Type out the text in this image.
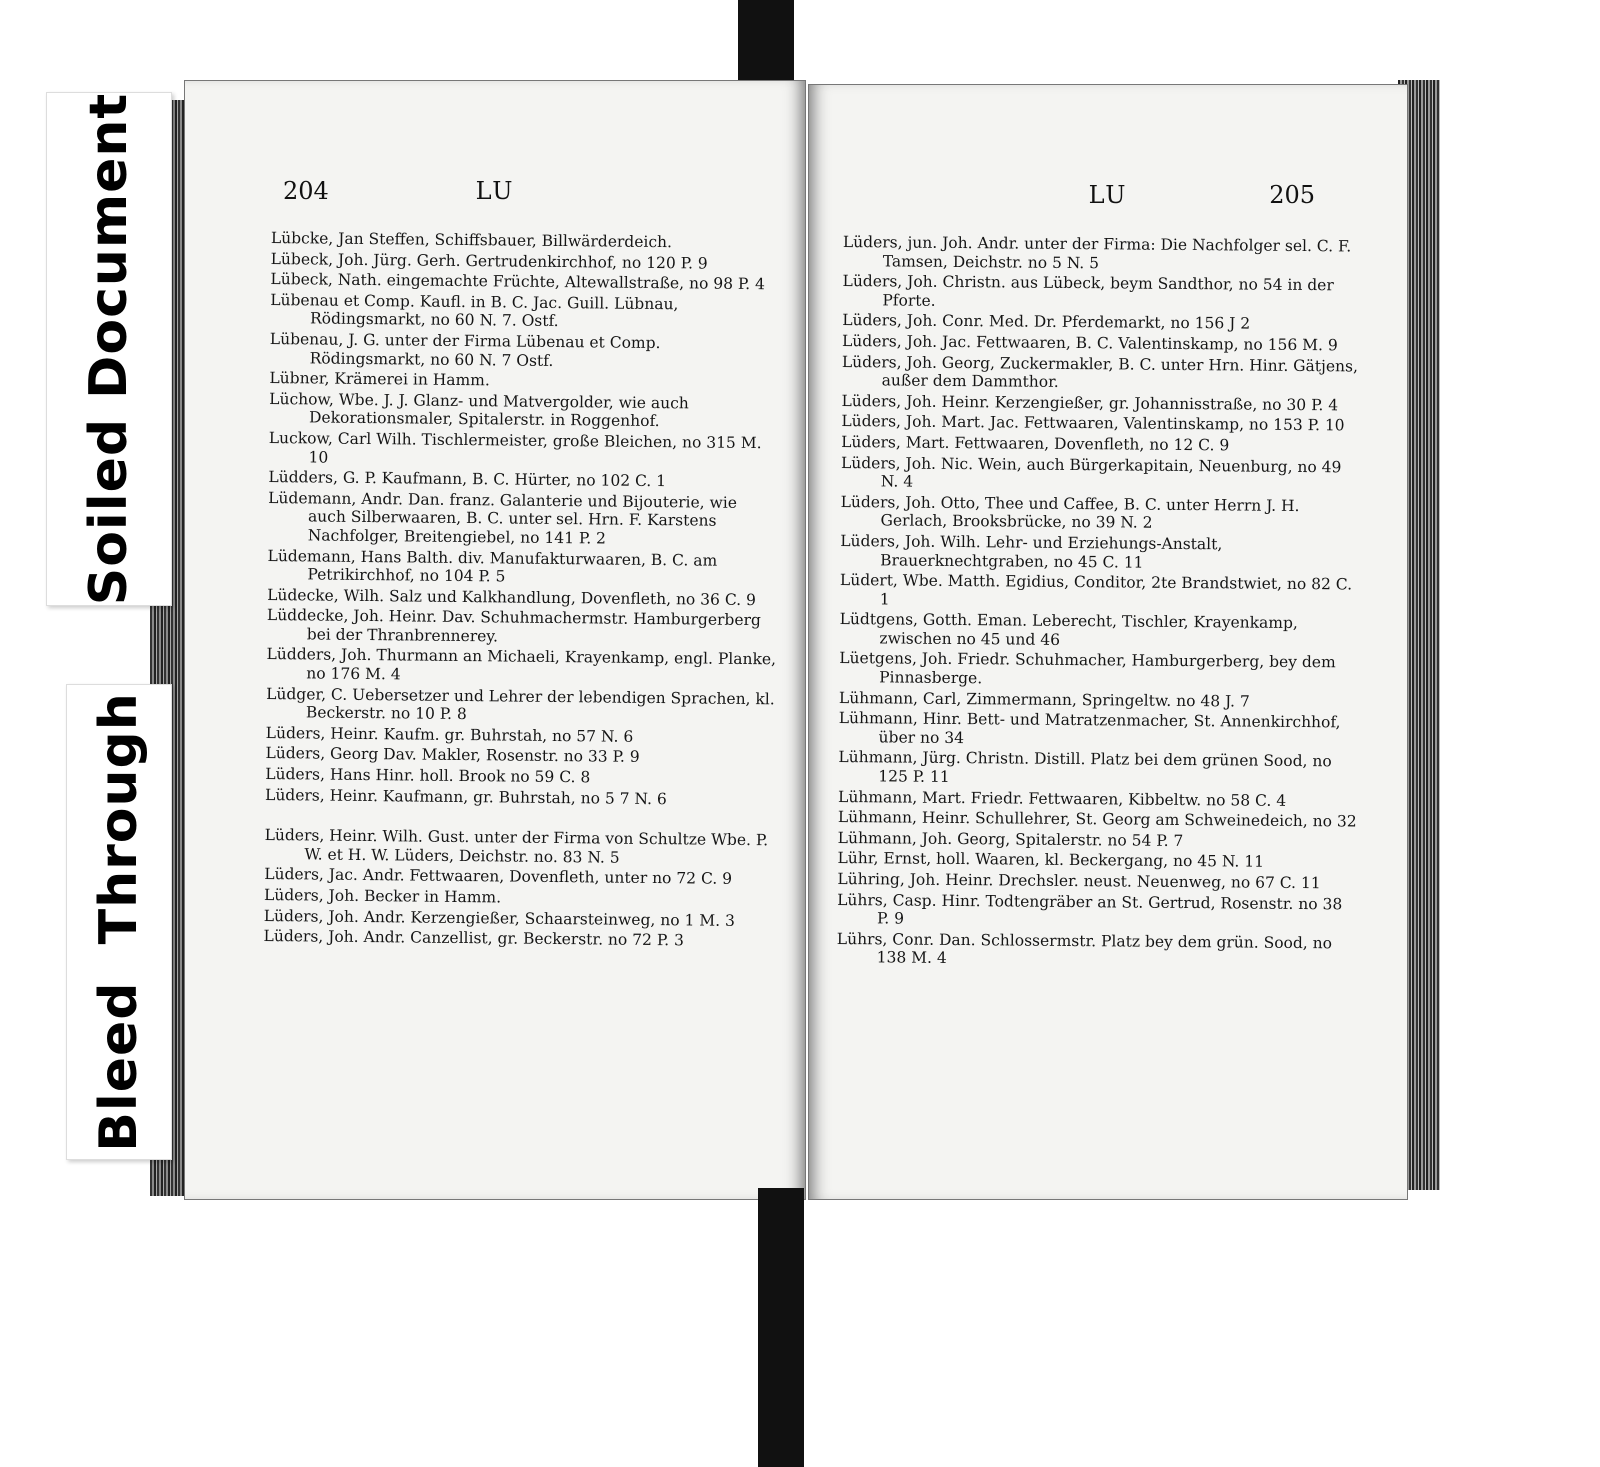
204	LU
Lübcke, Jan Steffen, Schiffsbauer, Billwärderdeich.
Lübeck, Joh. Jürg. Gerh. Gertrudenkirchhof, no 120 P. 9
Lübeck, Nath. eingemachte Früchte, Altewallstraße, no 98 P. 4
Lübenau et Comp. Kaufl. in B. C. Jac. Guill. Lübnau, Rödingsmarkt, no 60 N. 7. Ostf.
Lübenau, J. G. unter der Firma Lübenau et Comp. Rödingsmarkt, no 60 N. 7 Ostf.
Lübner, Krämerei in Hamm.
Lüchow, Wbe. J. J. Glanz- und Matvergolder, wie auch Dekorationsmaler, Spitalerstr. in Roggenhof.
Luckow, Carl Wilh. Tischlermeister, große Bleichen, no 315 M. 10
Lüdders, G. P. Kaufmann, B. C. Hürter, no 102 C. 1
Lüdemann, Andr. Dan. franz. Galanterie und Bijouterie, wie auch Silberwaaren, B. C. unter sel. Hrn. F. Karstens Nachfolger, Breitengiebel, no 141 P. 2
Lüdemann, Hans Balth. div. Manufakturwaaren, B. C. am Petrikirchhof, no 104 P. 5
Lüdecke, Wilh. Salz und Kalkhandlung, Dovenfleth, no 36 C. 9
Lüddecke, Joh. Heinr. Dav. Schuhmachermstr. Hamburgerberg bei der Thranbrennerey.
Lüdders, Joh. Thurmann an Michaeli, Krayenkamp, engl. Planke, no 176 M. 4
Lüdger, C. Uebersetzer und Lehrer der lebendigen Sprachen, kl. Beckerstr. no 10 P. 8
Lüders, Heinr. Kaufm. gr. Buhrstah, no 57 N. 6
Lüders, Georg Dav. Makler, Rosenstr. no 33 P. 9
Lüders, Hans Hinr. holl. Brook no 59 C. 8
Lüders, Heinr. Kaufmann, gr. Buhrstah, no 5 7 N. 6
Lüders, Heinr. Wilh. Gust. unter der Firma von Schultze Wbe. P. W. et H. W. Lüders, Deichstr. no. 83 N. 5
Lüders, Jac. Andr. Fettwaaren, Dovenfleth, unter no 72 C. 9
Lüders, Joh. Becker in Hamm.
Lüders, Joh. Andr. Kerzengießer, Schaarsteinweg, no 1 M. 3
Lüders, Joh. Andr. Canzellist, gr. Beckerstr. no 72 P. 3
LU	205
Lüders, jun. Joh. Andr. unter der Firma: Die Nachfolger sel. C. F. Tamsen, Deichstr. no 5 N. 5
Lüders, Joh. Christn. aus Lübeck, beym Sandthor, no 54 in der Pforte.
Lüders, Joh. Conr. Med. Dr. Pferdemarkt, no 156 J 2
Lüders, Joh. Jac. Fettwaaren, B. C. Valentinskamp, no 156 M. 9
Lüders, Joh. Georg, Zuckermakler, B. C. unter Hrn. Hinr. Gätjens, außer dem Dammthor.
Lüders, Joh. Heinr. Kerzengießer, gr. Johannisstraße, no 30 P. 4
Lüders, Joh. Mart. Jac. Fettwaaren, Valentinskamp, no 153 P. 10
Lüders, Mart. Fettwaaren, Dovenfleth, no 12 C. 9
Lüders, Joh. Nic. Wein, auch Bürgerkapitain, Neuenburg, no 49 N. 4
Lüders, Joh. Otto, Thee und Caffee, B. C. unter Herrn J. H. Gerlach, Brooksbrücke, no 39 N. 2
Lüders, Joh. Wilh. Lehr- und Erziehungs-Anstalt, Brauerknechtgraben, no 45 C. 11
Lüdert, Wbe. Matth. Egidius, Conditor, 2te Brandstwiet, no 82 C. 1
Lüdtgens, Gotth. Eman. Leberecht, Tischler, Krayenkamp, zwischen no 45 und 46
Lüetgens, Joh. Friedr. Schuhmacher, Hamburgerberg, bey dem Pinnasberge.
Lühmann, Carl, Zimmermann, Springeltw. no 48 J. 7
Lühmann, Hinr. Bett- und Matratzenmacher, St. Annenkirchhof, über no 34
Lühmann, Jürg. Christn. Distill. Platz bei dem grünen Sood, no 125 P. 11
Lühmann, Mart. Friedr. Fettwaaren, Kibbeltw. no 58 C. 4
Lühmann, Heinr. Schullehrer, St. Georg am Schweinedeich, no 32
Lühmann, Joh. Georg, Spitalerstr. no 54 P. 7
Lühr, Ernst, holl. Waaren, kl. Beckergang, no 45 N. 11
Lühring, Joh. Heinr. Drechsler. neust. Neuenweg, no 67 C. 11
Lührs, Casp. Hinr. Todtengräber an St. Gertrud, Rosenstr. no 38 P. 9
Lührs, Conr. Dan. Schlossermstr. Platz bey dem grün. Sood, no 138 M. 4
Soiled Document
Bleed Through
